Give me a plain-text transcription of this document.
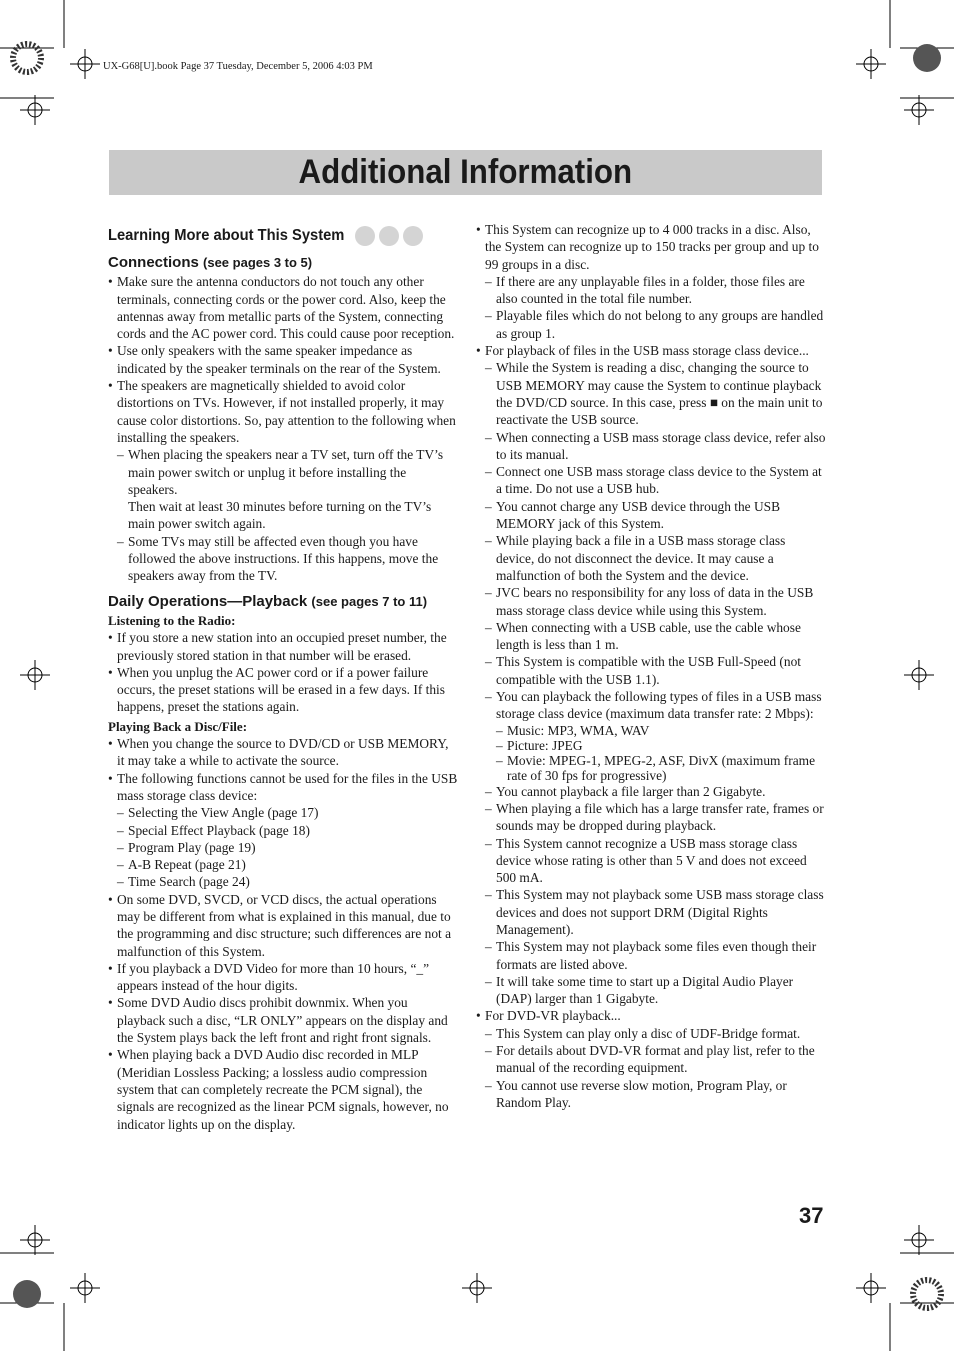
UX-G68[U].book Page 37 Tuesday, December 5, 2006 4:03 PM
Additional Information
Learning More about This System
Connections (see pages 3 to 5)
• Make sure the antenna conductors do not touch any other terminals, connecting cords or the power cord. Also, keep the antennas away from metallic parts of the System, connecting cords and the AC power cord. This could cause poor reception.
• Use only speakers with the same speaker impedance as indicated by the speaker terminals on the rear of the System.
• The speakers are magnetically shielded to avoid color distortions on TVs. However, if not installed properly, it may cause color distortions. So, pay attention to the following when installing the speakers.
– When placing the speakers near a TV set, turn off the TV’s main power switch or unplug it before installing the speakers.
Then wait at least 30 minutes before turning on the TV’s main power switch again.
– Some TVs may still be affected even though you have followed the above instructions. If this happens, move the speakers away from the TV.
Daily Operations—Playback (see pages 7 to 11)
Listening to the Radio:
• If you store a new station into an occupied preset number, the previously stored station in that number will be erased.
• When you unplug the AC power cord or if a power failure occurs, the preset stations will be erased in a few days. If this happens, preset the stations again.
Playing Back a Disc/File:
• When you change the source to DVD/CD or USB MEMORY, it may take a while to activate the source.
• The following functions cannot be used for the files in the USB mass storage class device:
– Selecting the View Angle (page 17)
– Special Effect Playback (page 18)
– Program Play (page 19)
– A-B Repeat (page 21)
– Time Search (page 24)
• On some DVD, SVCD, or VCD discs, the actual operations may be different from what is explained in this manual, due to the programming and disc structure; such differences are not a malfunction of this System.
• If you playback a DVD Video for more than 10 hours, “_” appears instead of the hour digits.
• Some DVD Audio discs prohibit downmix. When you playback such a disc, “LR ONLY” appears on the display and the System plays back the left front and right front signals.
• When playing back a DVD Audio disc recorded in MLP (Meridian Lossless Packing; a lossless audio compression system that can completely recreate the PCM signal), the signals are recognized as the linear PCM signals, however, no indicator lights up on the display.
• This System can recognize up to 4 000 tracks in a disc. Also, the System can recognize up to 150 tracks per group and up to 99 groups in a disc.
– If there are any unplayable files in a folder, those files are also counted in the total file number.
– Playable files which do not belong to any groups are handled as group 1.
• For playback of files in the USB mass storage class device...
– While the System is reading a disc, changing the source to USB MEMORY may cause the System to continue playback the DVD/CD source. In this case, press ■ on the main unit to reactivate the USB source.
– When connecting a USB mass storage class device, refer also to its manual.
– Connect one USB mass storage class device to the System at a time. Do not use a USB hub.
– You cannot charge any USB device through the USB MEMORY jack of this System.
– While playing back a file in a USB mass storage class device, do not disconnect the device. It may cause a malfunction of both the System and the device.
– JVC bears no responsibility for any loss of data in the USB mass storage class device while using this System.
– When connecting with a USB cable, use the cable whose length is less than 1 m.
– This System is compatible with the USB Full-Speed (not compatible with the USB 1.1).
– You can playback the following types of files in a USB mass storage class device (maximum data transfer rate: 2 Mbps):
– Music: MP3, WMA, WAV
– Picture: JPEG
– Movie: MPEG-1, MPEG-2, ASF, DivX (maximum frame rate of 30 fps for progressive)
– You cannot playback a file larger than 2 Gigabyte.
– When playing a file which has a large transfer rate, frames or sounds may be dropped during playback.
– This System cannot recognize a USB mass storage class device whose rating is other than 5 V and does not exceed 500 mA.
– This System may not playback some USB mass storage class devices and does not support DRM (Digital Rights Management).
– This System may not playback some files even though their formats are listed above.
– It will take some time to start up a Digital Audio Player (DAP) larger than 1 Gigabyte.
• For DVD-VR playback...
– This System can play only a disc of UDF-Bridge format.
– For details about DVD-VR format and play list, refer to the manual of the recording equipment.
– You cannot use reverse slow motion, Program Play, or Random Play.
37
